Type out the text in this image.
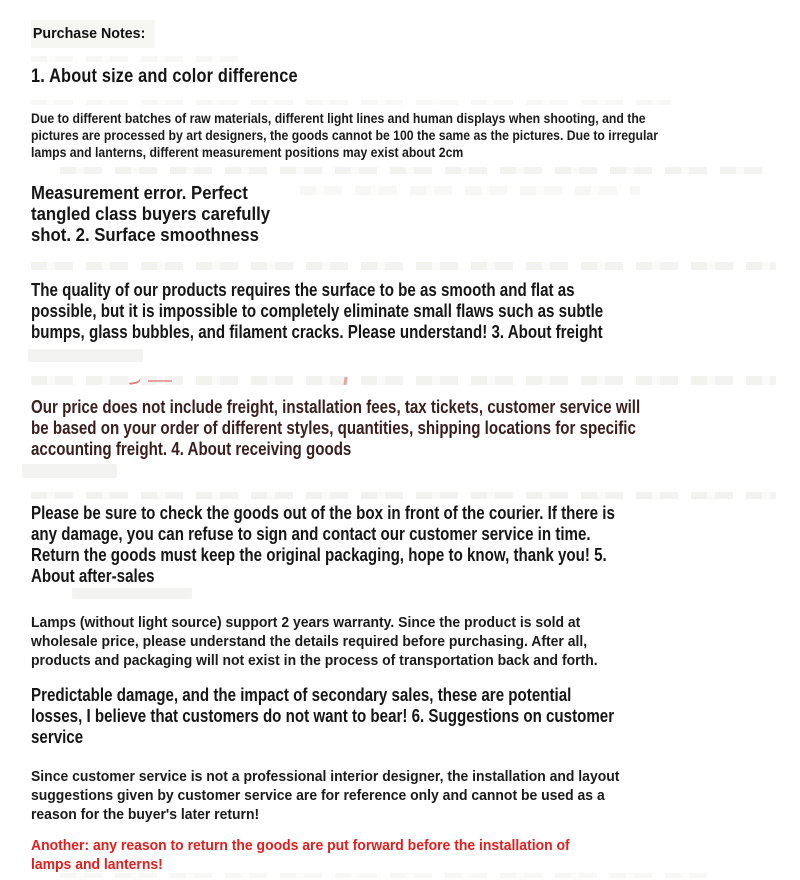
Purchase Notes:
1. About size and color difference
Due to different batches of raw materials, different light lines and human displays when shooting, and the
pictures are processed by art designers, the goods cannot be 100 the same as the pictures. Due to irregular
lamps and lanterns, different measurement positions may exist about 2cm
Measurement error. Perfect
tangled class buyers carefully
shot. 2. Surface smoothness
The quality of our products requires the surface to be as smooth and flat as
possible, but it is impossible to completely eliminate small flaws such as subtle
bumps, glass bubbles, and filament cracks. Please understand! 3. About freight
Our price does not include freight, installation fees, tax tickets, customer service will
be based on your order of different styles, quantities, shipping locations for specific
accounting freight. 4. About receiving goods
Please be sure to check the goods out of the box in front of the courier. If there is
any damage, you can refuse to sign and contact our customer service in time.
Return the goods must keep the original packaging, hope to know, thank you! 5.
About after-sales
Lamps (without light source) support 2 years warranty. Since the product is sold at
wholesale price, please understand the details required before purchasing. After all,
products and packaging will not exist in the process of transportation back and forth.
Predictable damage, and the impact of secondary sales, these are potential
losses, I believe that customers do not want to bear! 6. Suggestions on customer
service
Since customer service is not a professional interior designer, the installation and layout
suggestions given by customer service are for reference only and cannot be used as a
reason for the buyer's later return!
Another: any reason to return the goods are put forward before the installation of
lamps and lanterns!
